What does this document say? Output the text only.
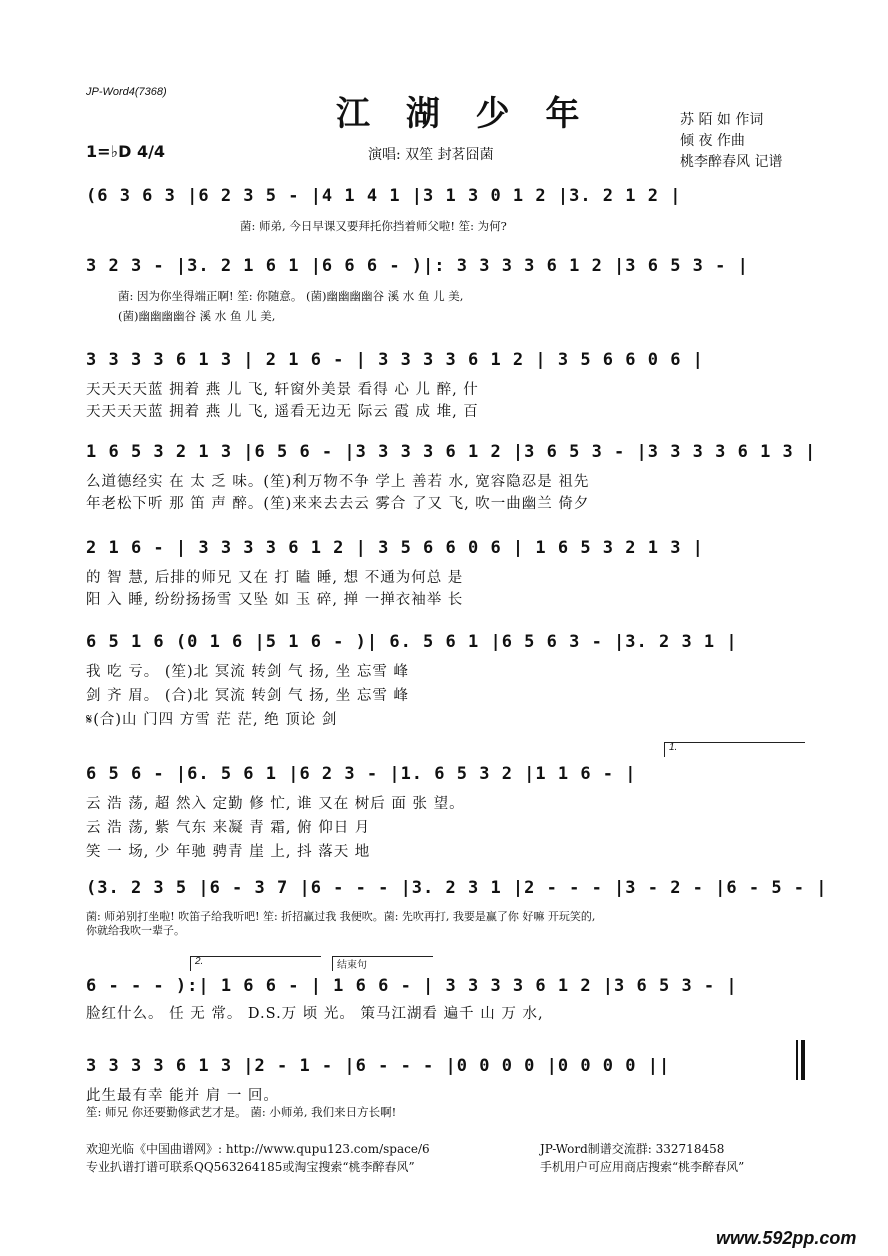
JP-Word4(7368)
江 湖 少 年
1=♭D 4/4	演唱: 双笙 封茗囧菌
苏 陌 如 作词
倾 夜 作曲
桃李醉春风 记谱
(6 3 6 3 |6 2 3 5 - |4 1 4 1 |3 1 3 0 1 2 |3. 2 1 2 |
菌: 师弟, 今日早课又要拜托你挡着师父啦! 笙: 为何?
3 2 3 - |3. 2 1 6 1 |6 6 6 - )|: 3 3 3 3 6 1 2 |3 6 5 3 - |
菌: 因为你坐得端正啊! 笙: 你随意。 (菌)幽幽幽幽谷 溪 水 鱼 儿 美,
(菌)幽幽幽幽谷 溪 水 鱼 儿 美,
3 3 3 3 6 1 3 | 2 1 6 - | 3 3 3 3 6 1 2 | 3 5 6 6 0 6 |
天天天天蓝 拥着 燕 儿 飞, 轩窗外美景 看得 心 儿 醉, 什
天天天天蓝 拥着 燕 儿 飞, 遥看无边无 际云 霞 成 堆, 百
1 6 5 3 2 1 3 |6 5 6 - |3 3 3 3 6 1 2 |3 6 5 3 - |3 3 3 3 6 1 3 |
么道德经实 在 太 乏 味。(笙)利万物不争 学上 善若 水, 宽容隐忍是 祖先
年老松下听 那 笛 声 醉。(笙)来来去去云 雾合 了又 飞, 吹一曲幽兰 倚夕
2 1 6 - | 3 3 3 3 6 1 2 | 3 5 6 6 0 6 | 1 6 5 3 2 1 3 |
的 智 慧, 后排的师兄 又在 打 瞌 睡, 想 不通为何总 是
阳 入 睡, 纷纷扬扬雪 又坠 如 玉 碎, 掸 一掸衣袖举 长
6 5 1 6 (0 1 6 |5 1 6 - )| 6. 5 6 1 |6 5 6 3 - |3. 2 3 1 |
我 吃 亏。 (笙)北 冥流 转剑 气 扬, 坐 忘雪 峰
剑 齐 眉。 (合)北 冥流 转剑 气 扬, 坐 忘雪 峰
𝄋(合)山 门四 方雪 茫 茫, 绝 顶论 剑
1.
6 5 6 - |6. 5 6 1 |6 2 3 - |1. 6 5 3 2 |1 1 6 - |
云 浩 荡, 超 然入 定勤 修 忙, 谁 又在 树后 面 张 望。
云 浩 荡, 紫 气东 来凝 青 霜, 俯 仰日 月
笑 一 场, 少 年驰 骋青 崖 上, 抖 落天 地
(3. 2 3 5 |6 - 3 7 |6 - - - |3. 2 3 1 |2 - - - |3 - 2 - |6 - 5 - |
菌: 师弟别打坐啦! 吹笛子给我听吧! 笙: 折招赢过我 我便吹。菌: 先吹再打, 我要是赢了你 好嘛 开玩笑的,
你就给我吹一辈子。
2.	结束句
6 - - - ):| 1 6 6 - | 1 6 6 - | 3 3 3 3 6 1 2 |3 6 5 3 - |
脸红什么。 任 无 常。 D.S.万 顷 光。 策马江湖看 遍千 山 万 水,
3 3 3 3 6 1 3 |2 - 1 - |6 - - - |0 0 0 0 |0 0 0 0 ||
此生最有幸 能并 肩 一 回。
笙: 师兄 你还要勤修武艺才是。 菌: 小师弟, 我们来日方长啊!
欢迎光临《中国曲谱网》: http://www.qupu123.com/space/6
专业扒谱打谱可联系QQ563264185或淘宝搜索“桃李醉春风”
JP-Word制谱交流群: 332718458
手机用户可应用商店搜索“桃李醉春风”
www.592pp.com
